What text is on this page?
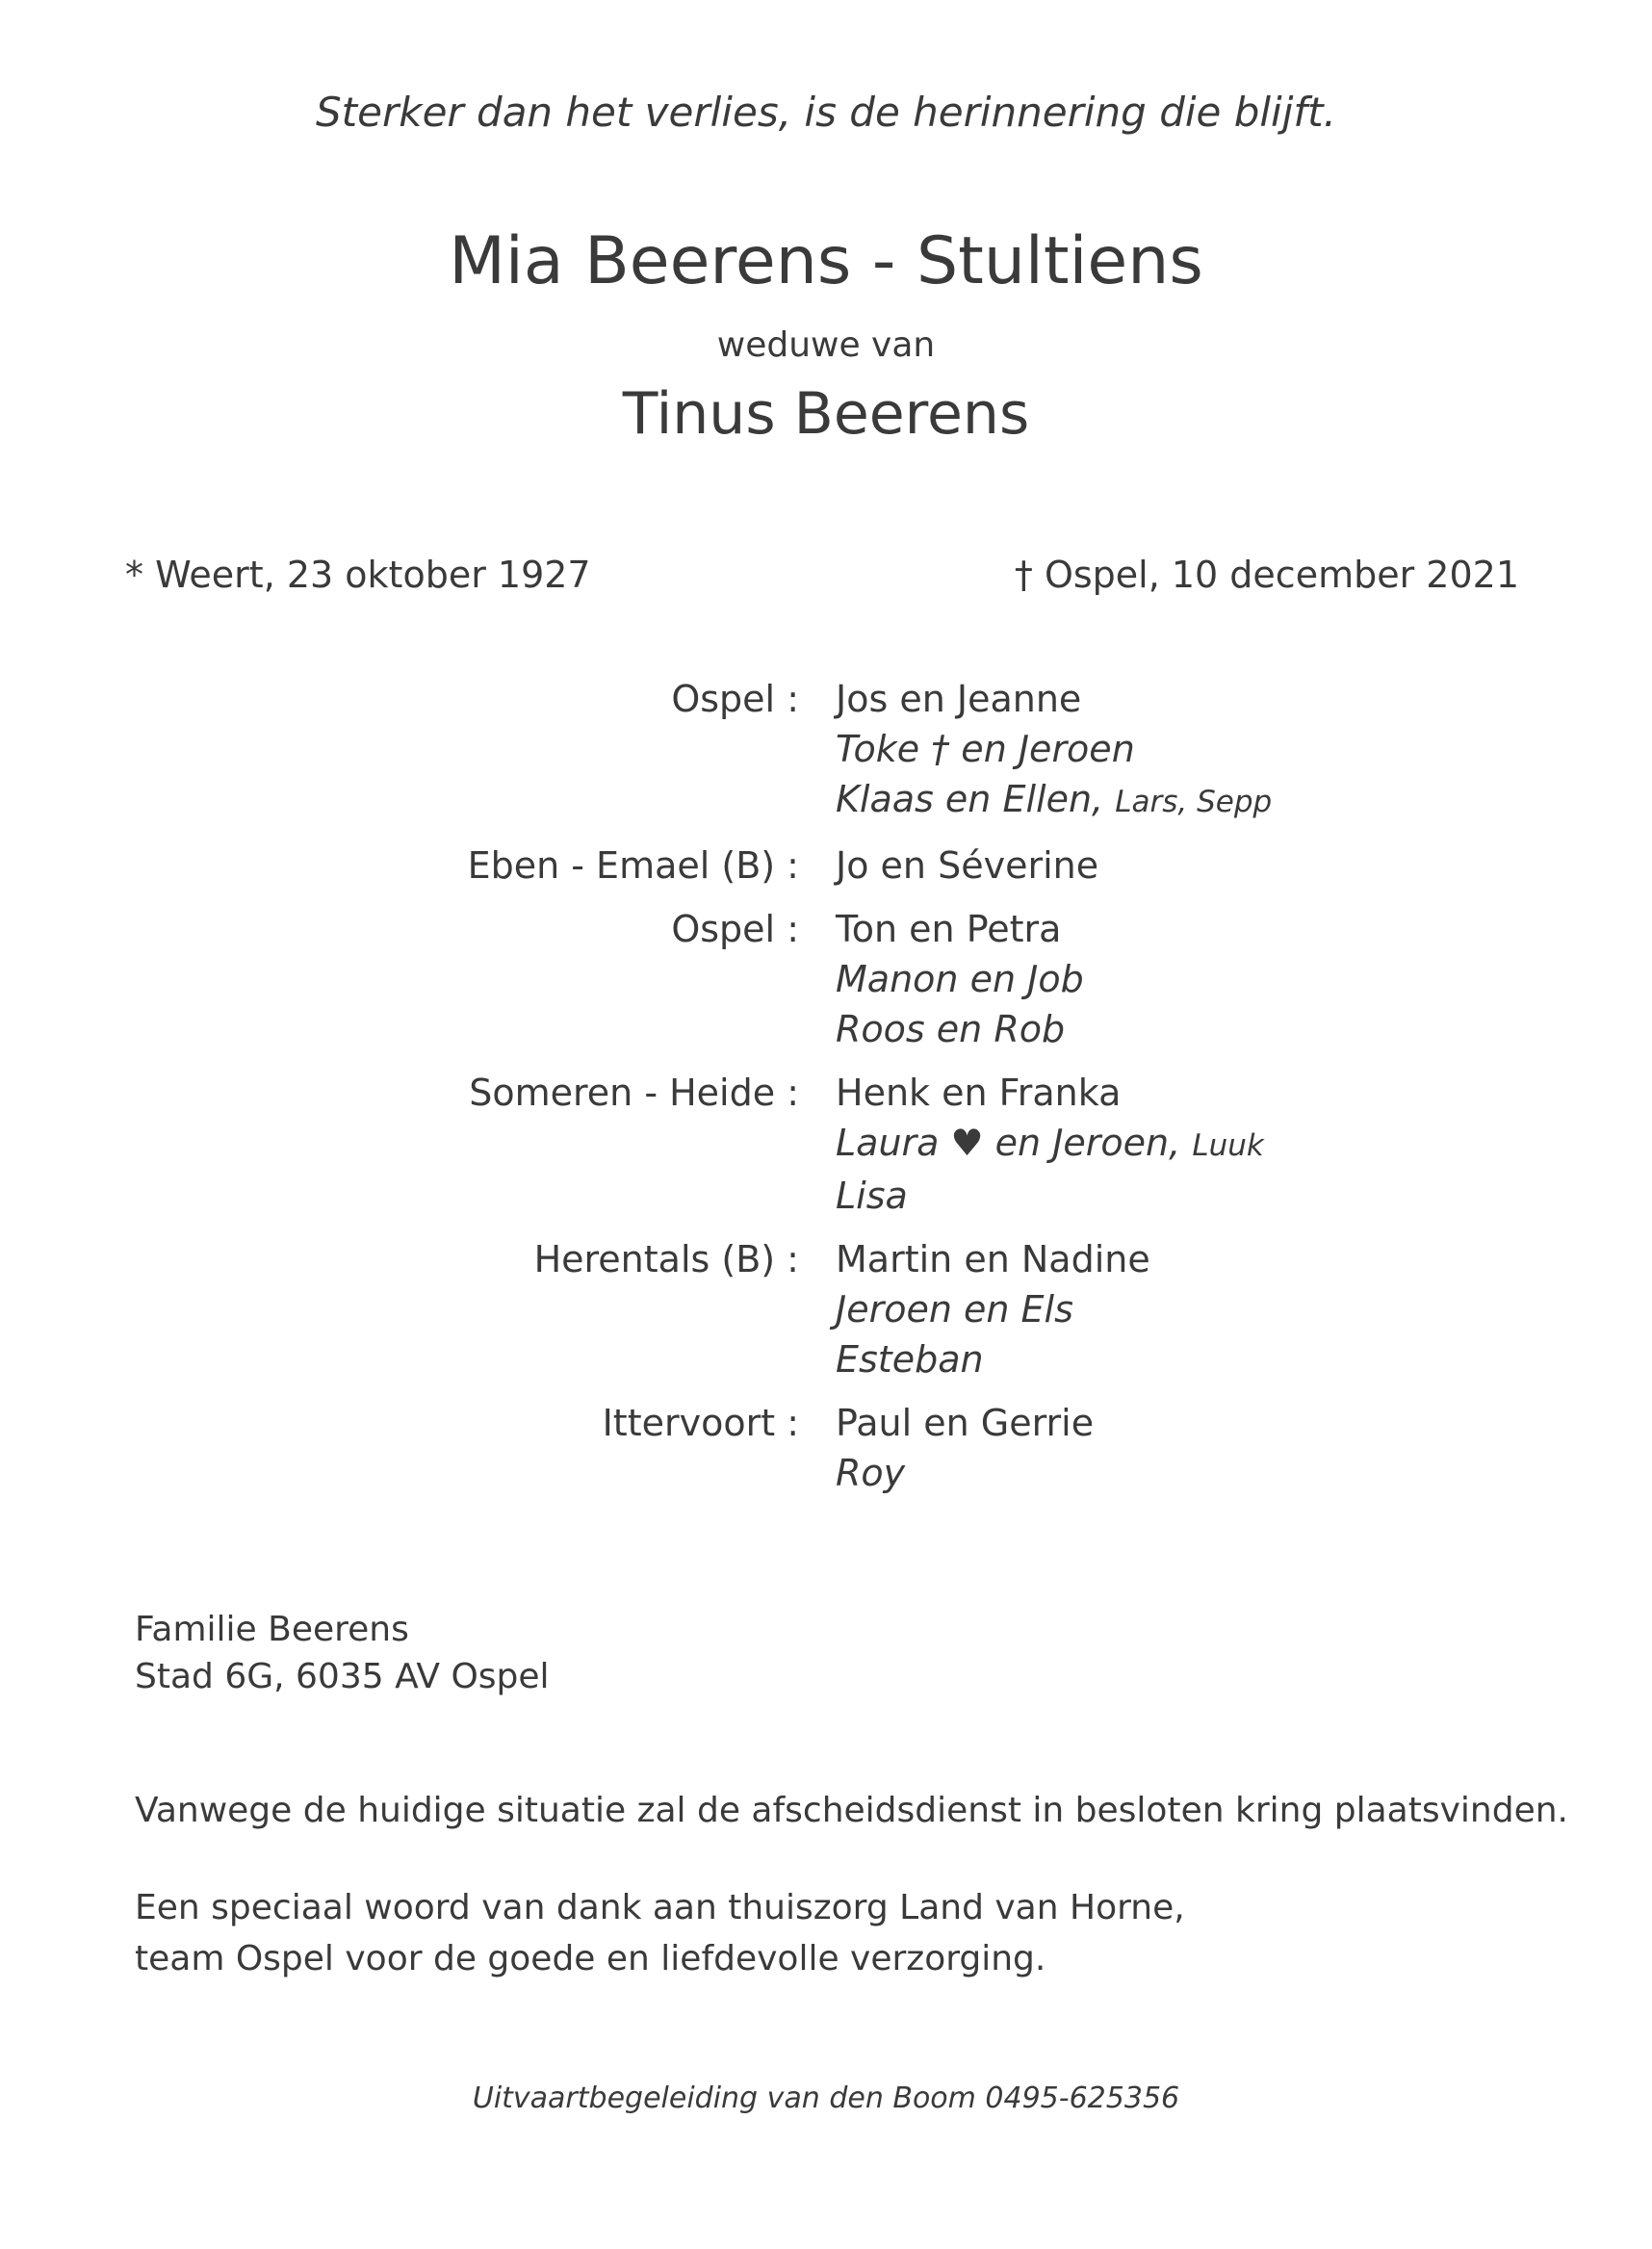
Sterker dan het verlies, is de herinnering die blijft.
Mia Beerens - Stultiens
weduwe van
Tinus Beerens
* Weert, 23 oktober 1927	† Ospel, 10 december 2021
Ospel :	Jos en Jeanne
Toke † en Jeroen
Klaas en Ellen, Lars, Sepp
Eben - Emael (B) :	Jo en Séverine
Ospel :	Ton en Petra
Manon en Job
Roos en Rob
Someren - Heide :	Henk en Franka
Laura ♥ en Jeroen, Luuk
Lisa
Herentals (B) :	Martin en Nadine
Jeroen en Els
Esteban
Ittervoort :	Paul en Gerrie
Roy
Familie Beerens
Stad 6G, 6035 AV Ospel
Vanwege de huidige situatie zal de afscheidsdienst in besloten kring plaatsvinden.
Een speciaal woord van dank aan thuiszorg Land van Horne,
team Ospel voor de goede en liefdevolle verzorging.
Uitvaartbegeleiding van den Boom 0495-625356
